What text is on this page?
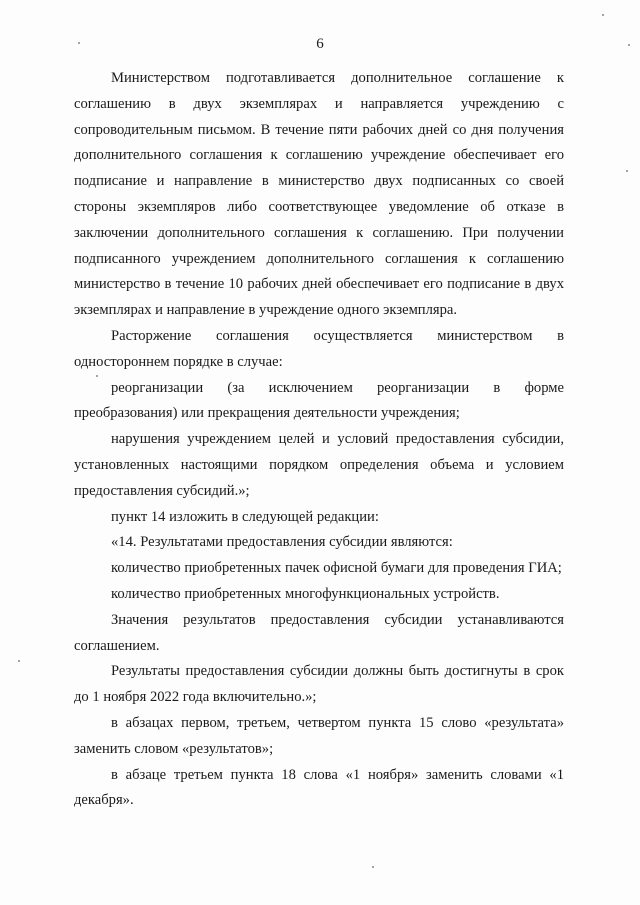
6

Министерством подготавливается дополнительное соглашение к соглашению в двух экземплярах и направляется учреждению с сопроводительным письмом. В течение пяти рабочих дней со дня получения дополнительного соглашения к соглашению учреждение обеспечивает его подписание и направление в министерство двух подписанных со своей стороны экземпляров либо соответствующее уведомление об отказе в заключении дополнительного соглашения к соглашению. При получении подписанного учреждением дополнительного соглашения к соглашению министерство в течение 10 рабочих дней обеспечивает его подписание в двух экземплярах и направление в учреждение одного экземпляра.

Расторжение соглашения осуществляется министерством в одностороннем порядке в случае:

реорганизации (за исключением реорганизации в форме преобразования) или прекращения деятельности учреждения;

нарушения учреждением целей и условий предоставления субсидии, установленных настоящими порядком определения объема и условием предоставления субсидий.»;

пункт 14 изложить в следующей редакции:

«14. Результатами предоставления субсидии являются:

количество приобретенных пачек офисной бумаги для проведения ГИА;

количество приобретенных многофункциональных устройств.

Значения результатов предоставления субсидии устанавливаются соглашением.

Результаты предоставления субсидии должны быть достигнуты в срок до 1 ноября 2022 года включительно.»;

в абзацах первом, третьем, четвертом пункта 15 слово «результата» заменить словом «результатов»;

в абзаце третьем пункта 18 слова «1 ноября» заменить словами «1 декабря».
